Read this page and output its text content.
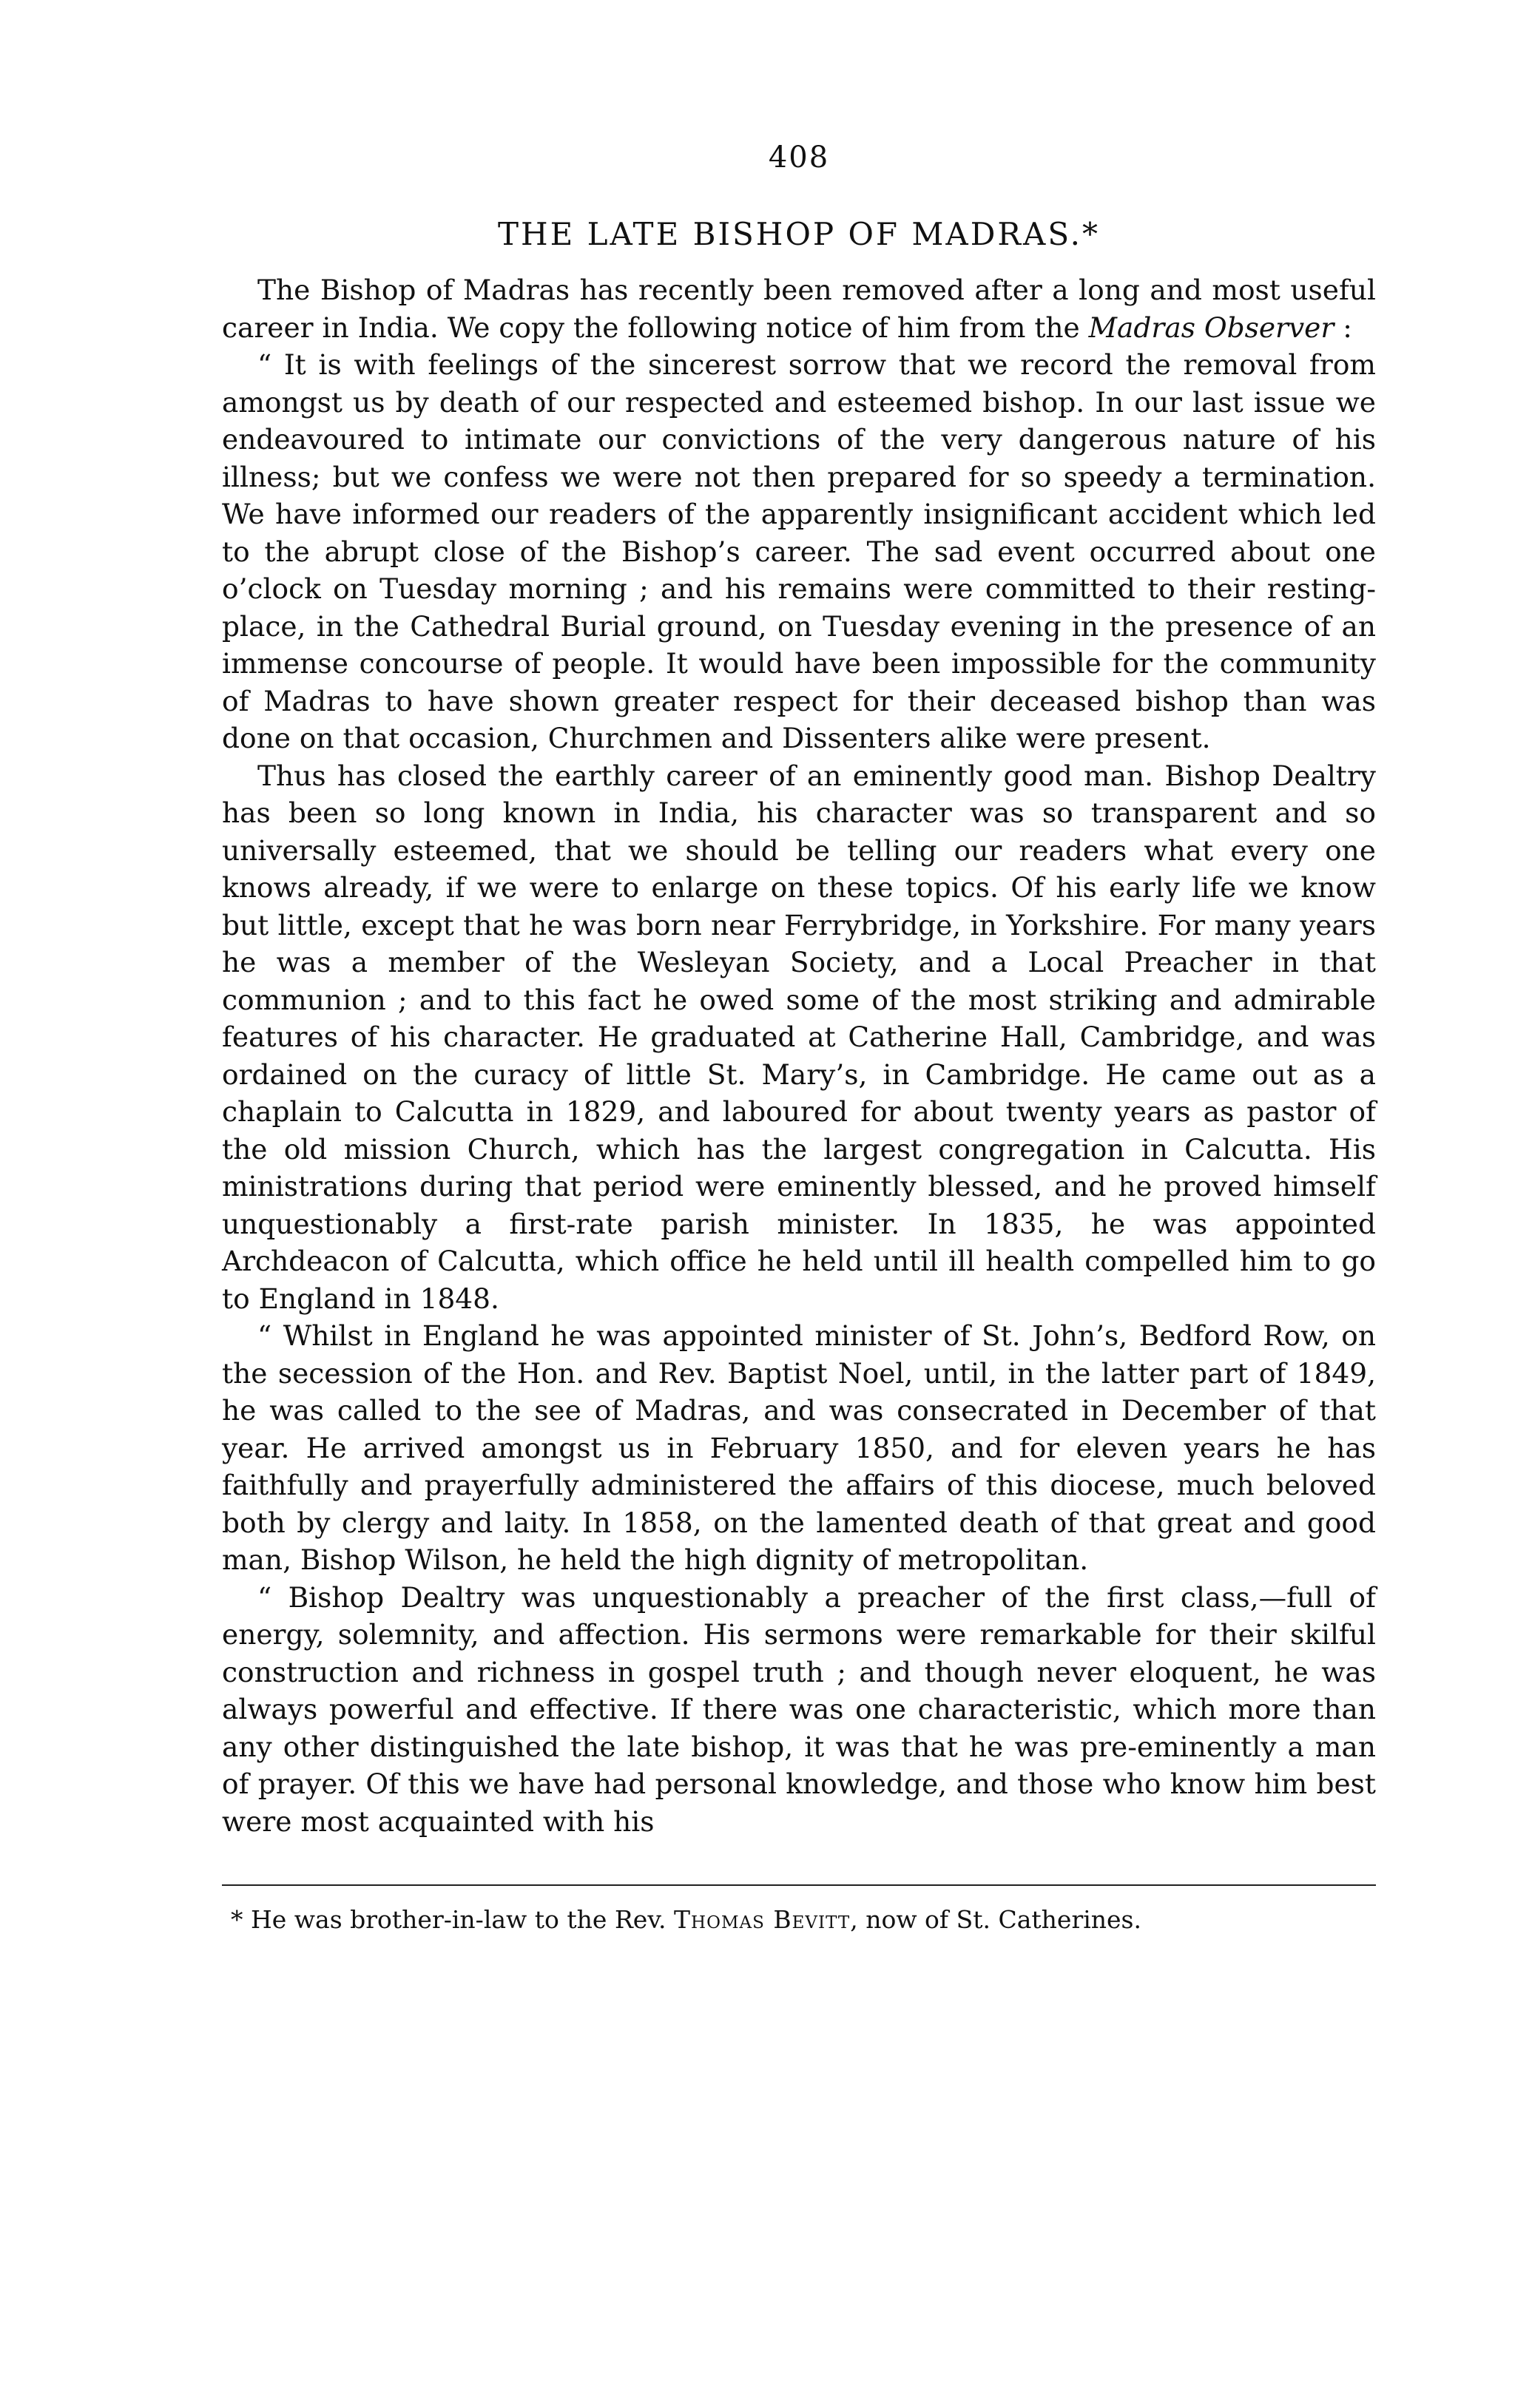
408
THE LATE BISHOP OF MADRAS.*

The Bishop of Madras has recently been removed after a long and most useful career in India. We copy the following notice of him from the Madras Observer :

“ It is with feelings of the sincerest sorrow that we record the removal from amongst us by death of our respected and esteemed bishop. In our last issue we endeavoured to intimate our convictions of the very dangerous nature of his illness; but we confess we were not then prepared for so speedy a termination. We have informed our readers of the apparently insignificant accident which led to the abrupt close of the Bishop’s career. The sad event occurred about one o’clock on Tuesday morning ; and his remains were committed to their resting-place, in the Cathedral Burial ground, on Tuesday evening in the presence of an immense concourse of people. It would have been impossible for the community of Madras to have shown greater respect for their deceased bishop than was done on that occasion, Churchmen and Dissenters alike were present.

Thus has closed the earthly career of an eminently good man. Bishop Dealtry has been so long known in India, his character was so transparent and so universally esteemed, that we should be telling our readers what every one knows already, if we were to enlarge on these topics. Of his early life we know but little, except that he was born near Ferrybridge, in Yorkshire. For many years he was a member of the Wesleyan Society, and a Local Preacher in that communion ; and to this fact he owed some of the most striking and admirable features of his character. He graduated at Catherine Hall, Cambridge, and was ordained on the curacy of little St. Mary’s, in Cambridge. He came out as a chaplain to Calcutta in 1829, and laboured for about twenty years as pastor of the old mission Church, which has the largest congregation in Calcutta. His ministrations during that period were eminently blessed, and he proved himself unquestionably a first-rate parish minister. In 1835, he was appointed Archdeacon of Calcutta, which office he held until ill health compelled him to go to England in 1848.

“ Whilst in England he was appointed minister of St. John’s, Bedford Row, on the secession of the Hon. and Rev. Baptist Noel, until, in the latter part of 1849, he was called to the see of Madras, and was consecrated in December of that year. He arrived amongst us in February 1850, and for eleven years he has faithfully and prayerfully administered the affairs of this diocese, much beloved both by clergy and laity. In 1858, on the lamented death of that great and good man, Bishop Wilson, he held the high dignity of metropolitan.

“ Bishop Dealtry was unquestionably a preacher of the first class,—full of energy, solemnity, and affection. His sermons were remarkable for their skilful construction and richness in gospel truth ; and though never eloquent, he was always powerful and effective. If there was one characteristic, which more than any other distinguished the late bishop, it was that he was pre-eminently a man of prayer. Of this we have had personal knowledge, and those who know him best were most acquainted with his

* He was brother-in-law to the Rev. Thomas Bevitt, now of St. Catherines.
